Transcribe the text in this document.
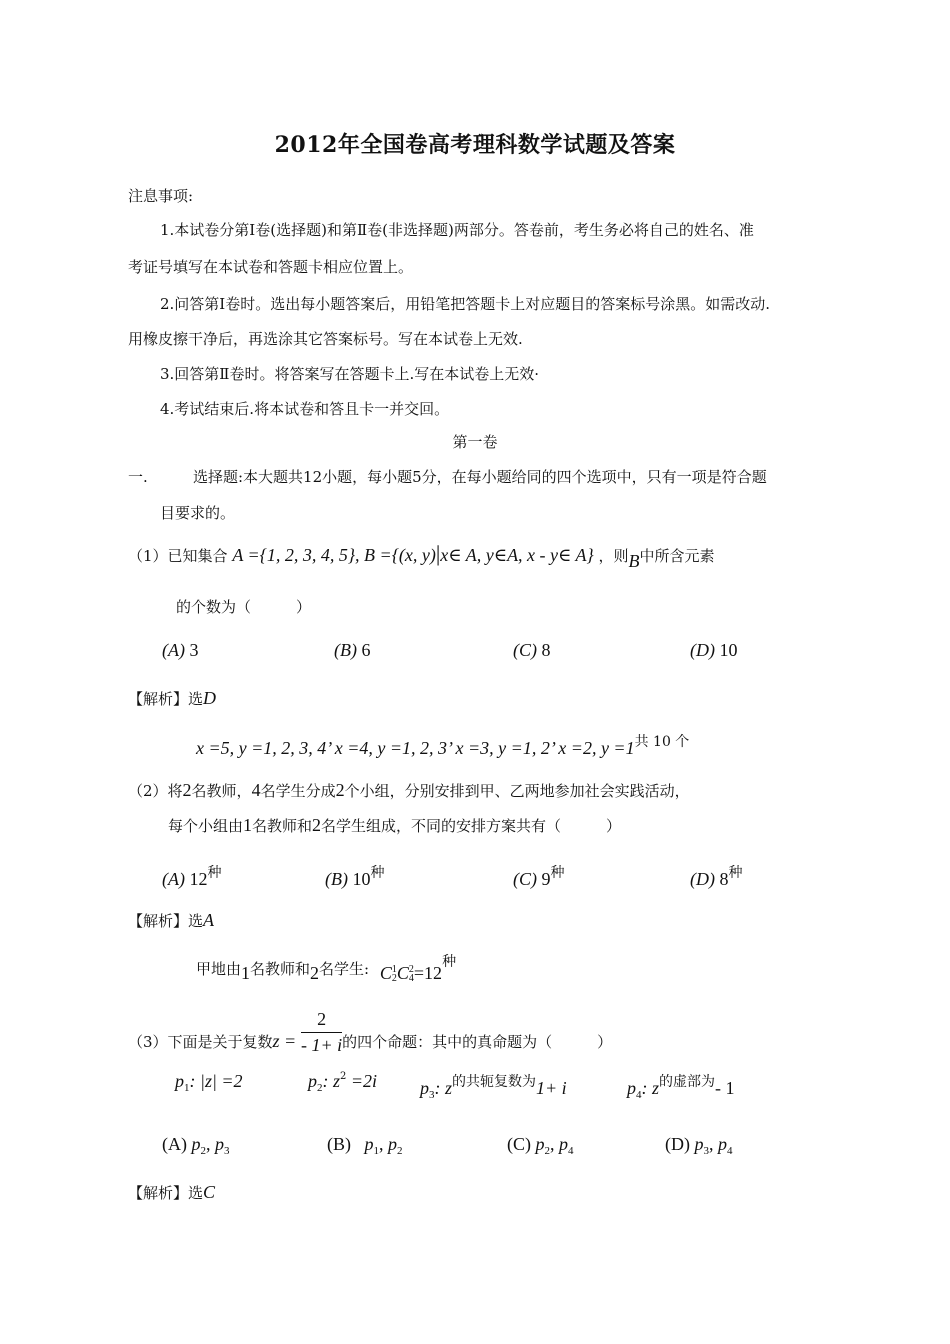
2012年全国卷高考理科数学试题及答案
注息事项:
1.本试卷分第Ⅰ卷(选择题)和第Ⅱ卷(非选择题)两部分。答卷前，考生务必将自己的姓名、准
考证号填写在本试卷和答题卡相应位置上。
2.问答第Ⅰ卷时。选出每小题答案后，用铅笔把答题卡上对应题目的答案标号涂黑。如需改动.
用橡皮擦干净后，再选涂其它答案标号。写在本试卷上无效.
3.回答第Ⅱ卷时。将答案写在答题卡上.写在本试卷上无效·
4.考试结束后.将本试卷和答且卡一并交回。
第一卷
一.	选择题:本大题共12小题，每小题5分，在每小题给同的四个选项中，只有一项是符合题
目要求的。
（1）已知集合 A ={1, 2, 3, 4, 5}, B ={(x, y)|x∈ A, y∈A, x - y∈ A} ，则B中所含元素
的个数为（　　　）
(A) 3	(B) 6	(C) 8	(D) 10
【解析】选D
x =5, y =1, 2, 3, 4’ x =4, y =1, 2, 3’ x =3, y =1, 2’ x =2, y =1共 10 个
（2）将2名教师，4名学生分成2个小组，分别安排到甲、乙两地参加社会实践活动，
每个小组由1名教师和2名学生组成，不同的安排方案共有（　　　）
(A) $12^种$	(B) $10^种$	(C) $9^种$	(D) $8^种$
【解析】选A
甲地由1名教师和2名学生: C1
2C2
4=12种
（3）下面是关于复数$z = \frac{2}{- 1+ i}$ 的四个命题：其中的真命题为（　　　）
$p_1$: |z| =2	$p_2$: $z^2 =2i$ $p_3$: z的共轭复数为1+ i	$p_4$: z的虚部为- 1
(A) $p_2$, $p_3$	(B) $p_1$, $p_2$	(C) $p_2$, $p_4$	(D) $p_3$, $p_4$
【解析】选C
